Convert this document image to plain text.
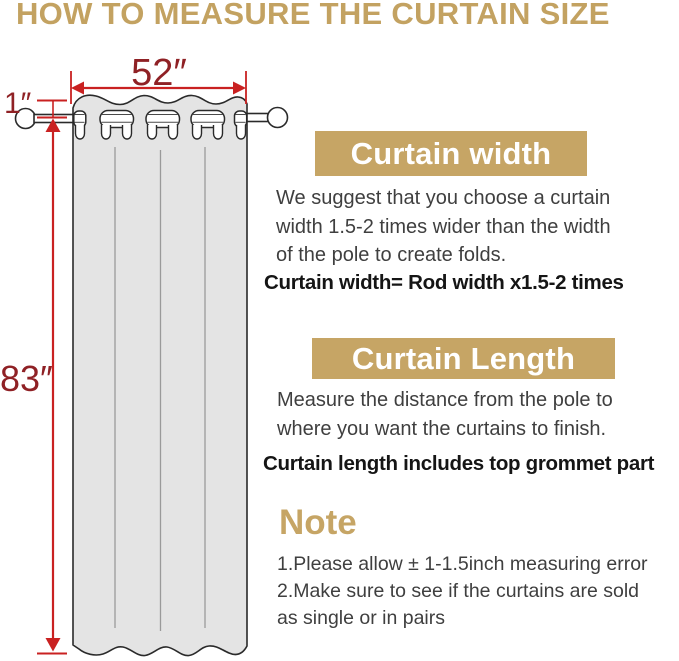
HOW TO MEASURE THE CURTAIN SIZE
52″
1″
83″
Curtain width
We suggest that you choose a curtain
width 1.5-2 times wider than the width
of the pole to create folds.
Curtain width= Rod width x1.5-2 times
Curtain Length
Measure the distance from the pole to
where you want the curtains to finish.
Curtain length includes top grommet part
Note
1.Please allow ± 1-1.5inch measuring error
2.Make sure to see if the curtains are sold
as single or in pairs
